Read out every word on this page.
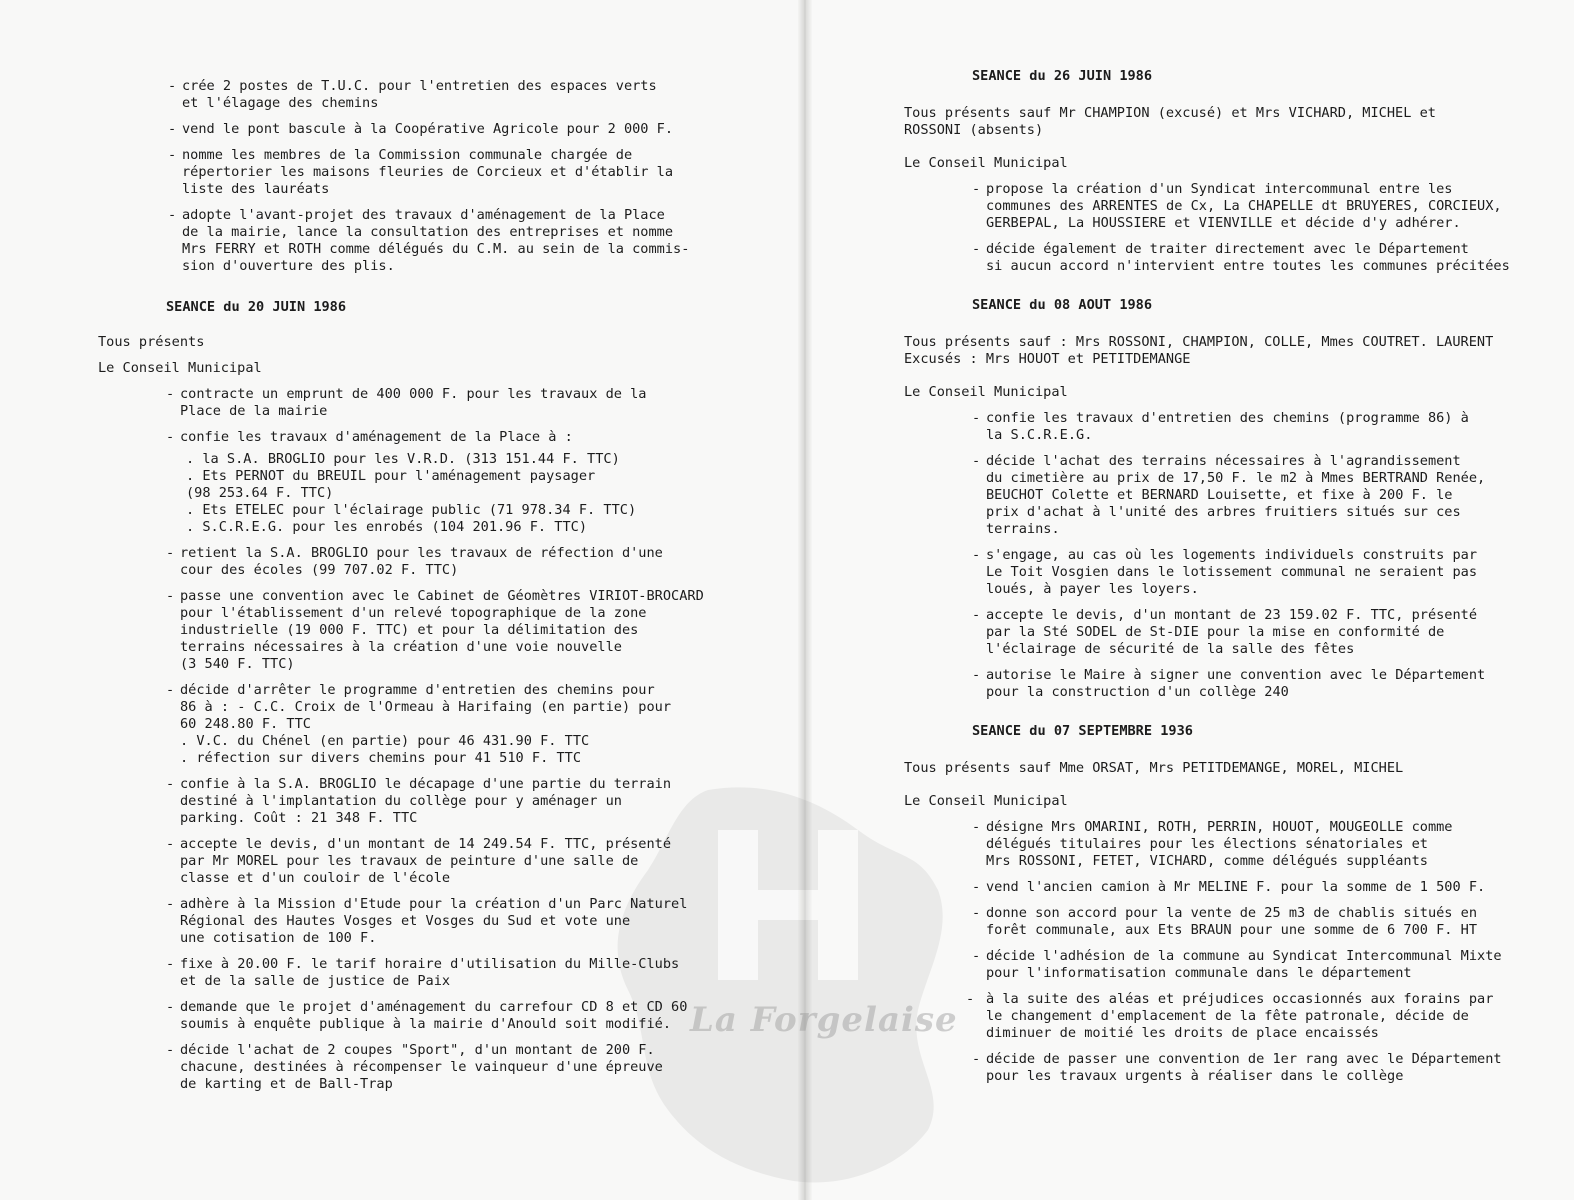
La Forgelaise
- crée 2 postes de T.U.C. pour l'entretien des espaces verts
et l'élagage des chemins
- vend le pont bascule à la Coopérative Agricole pour 2 000 F.
- nomme les membres de la Commission communale chargée de
répertorier les maisons fleuries de Corcieux et d'établir la
liste des lauréats
- adopte l'avant-projet des travaux d'aménagement de la Place
de la mairie, lance la consultation des entreprises et nomme
Mrs FERRY et ROTH comme délégués du C.M. au sein de la commis-
sion d'ouverture des plis.
SEANCE du 20 JUIN 1986
Tous présents
Le Conseil Municipal
- contracte un emprunt de 400 000 F. pour les travaux de la
Place de la mairie
- confie les travaux d'aménagement de la Place à :
. la S.A. BROGLIO pour les V.R.D. (313 151.44 F. TTC)
. Ets PERNOT du BREUIL pour l'aménagement paysager
(98 253.64 F. TTC)
. Ets ETELEC pour l'éclairage public (71 978.34 F. TTC)
. S.C.R.E.G. pour les enrobés (104 201.96 F. TTC)
- retient la S.A. BROGLIO pour les travaux de réfection d'une
cour des écoles (99 707.02 F. TTC)
- passe une convention avec le Cabinet de Géomètres VIRIOT-BROCARD
pour l'établissement d'un relevé topographique de la zone
industrielle (19 000 F. TTC) et pour la délimitation des
terrains nécessaires à la création d'une voie nouvelle
(3 540 F. TTC)
- décide d'arrêter le programme d'entretien des chemins pour
86 à : - C.C. Croix de l'Ormeau à Harifaing (en partie) pour
60 248.80 F. TTC
. V.C. du Chénel (en partie) pour 46 431.90 F. TTC
. réfection sur divers chemins pour 41 510 F. TTC
- confie à la S.A. BROGLIO le décapage d'une partie du terrain
destiné à l'implantation du collège pour y aménager un
parking. Coût : 21 348 F. TTC
- accepte le devis, d'un montant de 14 249.54 F. TTC, présenté
par Mr MOREL pour les travaux de peinture d'une salle de
classe et d'un couloir de l'école
- adhère à la Mission d'Etude pour la création d'un Parc Naturel
Régional des Hautes Vosges et Vosges du Sud et vote une
une cotisation de 100 F.
- fixe à 20.00 F. le tarif horaire d'utilisation du Mille-Clubs
et de la salle de justice de Paix
- demande que le projet d'aménagement du carrefour CD 8 et CD 60
soumis à enquête publique à la mairie d'Anould soit modifié.
- décide l'achat de 2 coupes "Sport", d'un montant de 200 F.
chacune, destinées à récompenser le vainqueur d'une épreuve
de karting et de Ball-Trap
SEANCE du 26 JUIN 1986
Tous présents sauf Mr CHAMPION (excusé) et Mrs VICHARD, MICHEL et
ROSSONI (absents)
Le Conseil Municipal
- propose la création d'un Syndicat intercommunal entre les
communes des ARRENTES de Cx, La CHAPELLE dt BRUYERES, CORCIEUX,
GERBEPAL, La HOUSSIERE et VIENVILLE et décide d'y adhérer.
- décide également de traiter directement avec le Département
si aucun accord n'intervient entre toutes les communes précitées
SEANCE du 08 AOUT 1986
Tous présents sauf : Mrs ROSSONI, CHAMPION, COLLE, Mmes COUTRET. LAURENT
Excusés : Mrs HOUOT et PETITDEMANGE
Le Conseil Municipal
- confie les travaux d'entretien des chemins (programme 86) à
la S.C.R.E.G.
- décide l'achat des terrains nécessaires à l'agrandissement
du cimetière au prix de 17,50 F. le m2 à Mmes BERTRAND Renée,
BEUCHOT Colette et BERNARD Louisette, et fixe à 200 F. le
prix d'achat à l'unité des arbres fruitiers situés sur ces
terrains.
- s'engage, au cas où les logements individuels construits par
Le Toit Vosgien dans le lotissement communal ne seraient pas
loués, à payer les loyers.
- accepte le devis, d'un montant de 23 159.02 F. TTC, présenté
par la Sté SODEL de St-DIE pour la mise en conformité de
l'éclairage de sécurité de la salle des fêtes
- autorise le Maire à signer une convention avec le Département
pour la construction d'un collège 240
SEANCE du 07 SEPTEMBRE 1936
Tous présents sauf Mme ORSAT, Mrs PETITDEMANGE, MOREL, MICHEL
Le Conseil Municipal
- désigne Mrs OMARINI, ROTH, PERRIN, HOUOT, MOUGEOLLE comme
délégués titulaires pour les élections sénatoriales et
Mrs ROSSONI, FETET, VICHARD, comme délégués suppléants
- vend l'ancien camion à Mr MELINE F. pour la somme de 1 500 F.
- donne son accord pour la vente de 25 m3 de chablis situés en
forêt communale, aux Ets BRAUN pour une somme de 6 700 F. HT
- décide l'adhésion de la commune au Syndicat Intercommunal Mixte
pour l'informatisation communale dans le département
- à la suite des aléas et préjudices occasionnés aux forains par
le changement d'emplacement de la fête patronale, décide de
diminuer de moitié les droits de place encaissés
- décide de passer une convention de 1er rang avec le Département
pour les travaux urgents à réaliser dans le collège
